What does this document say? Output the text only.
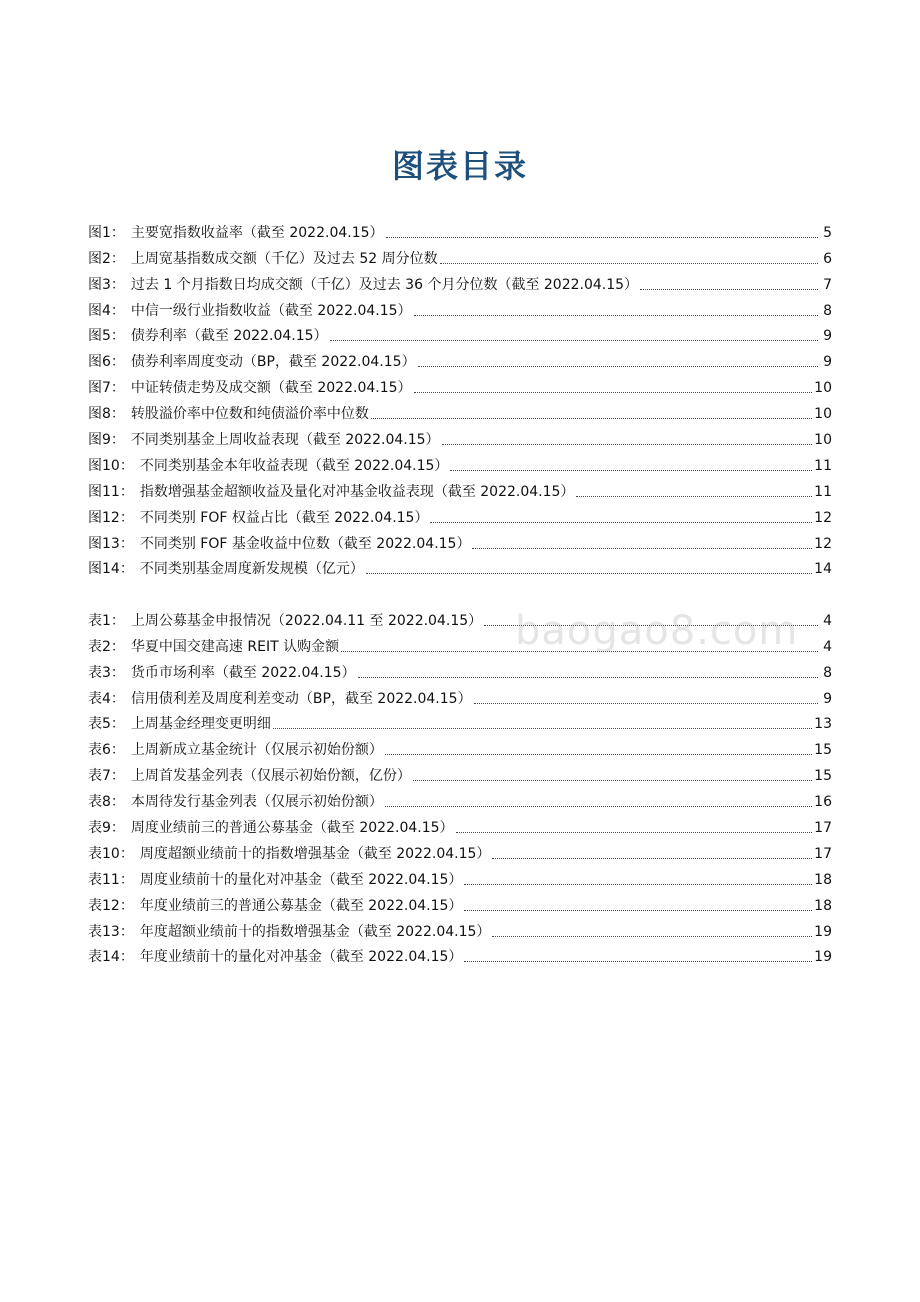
图表目录
图1： 主要宽指数收益率（截至 2022.04.15）	5
图2： 上周宽基指数成交额（千亿）及过去 52 周分位数	6
图3： 过去 1 个月指数日均成交额（千亿）及过去 36 个月分位数（截至 2022.04.15）	7
图4： 中信一级行业指数收益（截至 2022.04.15）	8
图5： 债券利率（截至 2022.04.15）	9
图6： 债券利率周度变动（BP，截至 2022.04.15）	9
图7： 中证转债走势及成交额（截至 2022.04.15）	10
图8： 转股溢价率中位数和纯债溢价率中位数	10
图9： 不同类别基金上周收益表现（截至 2022.04.15）	10
图10： 不同类别基金本年收益表现（截至 2022.04.15）	11
图11： 指数增强基金超额收益及量化对冲基金收益表现（截至 2022.04.15）	11
图12： 不同类别 FOF 权益占比（截至 2022.04.15）	12
图13： 不同类别 FOF 基金收益中位数（截至 2022.04.15）	12
图14： 不同类别基金周度新发规模（亿元）	14
表1： 上周公募基金申报情况（2022.04.11 至 2022.04.15）	4
表2： 华夏中国交建高速 REIT 认购金额	4
表3： 货币市场利率（截至 2022.04.15）	8
表4： 信用债利差及周度利差变动（BP，截至 2022.04.15）	9
表5： 上周基金经理变更明细	13
表6： 上周新成立基金统计（仅展示初始份额）	15
表7： 上周首发基金列表（仅展示初始份额，亿份）	15
表8： 本周待发行基金列表（仅展示初始份额）	16
表9： 周度业绩前三的普通公募基金（截至 2022.04.15）	17
表10： 周度超额业绩前十的指数增强基金（截至 2022.04.15）	17
表11： 周度业绩前十的量化对冲基金（截至 2022.04.15）	18
表12： 年度业绩前三的普通公募基金（截至 2022.04.15）	18
表13： 年度超额业绩前十的指数增强基金（截至 2022.04.15）	19
表14： 年度业绩前十的量化对冲基金（截至 2022.04.15）	19
baogao8.com
